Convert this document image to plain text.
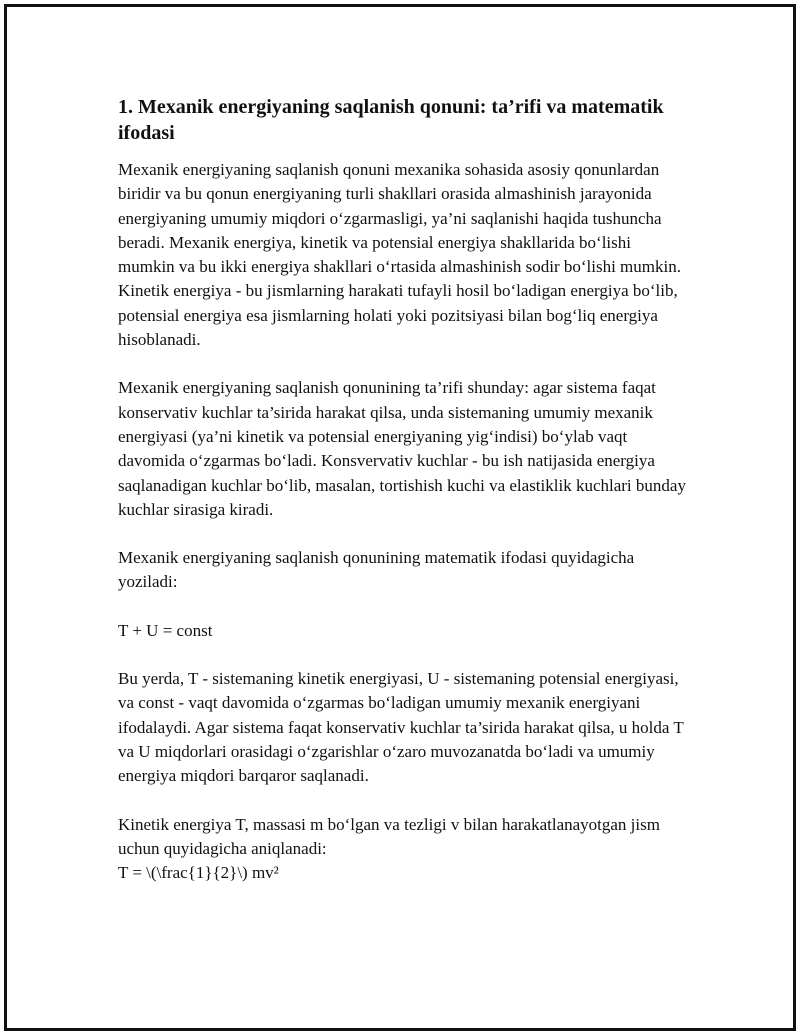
1. Mexanik energiyaning saqlanish qonuni: ta’rifi va matematik ifodasi

Mexanik energiyaning saqlanish qonuni mexanika sohasida asosiy qonunlardan biridir va bu qonun energiyaning turli shakllari orasida almashinish jarayonida energiyaning umumiy miqdori o‘zgarmasligi, ya’ni saqlanishi haqida tushuncha beradi. Mexanik energiya, kinetik va potensial energiya shakllarida bo‘lishi mumkin va bu ikki energiya shakllari o‘rtasida almashinish sodir bo‘lishi mumkin. Kinetik energiya - bu jismlarning harakati tufayli hosil bo‘ladigan energiya bo‘lib, potensial energiya esa jismlarning holati yoki pozitsiyasi bilan bog‘liq energiya hisoblanadi.

Mexanik energiyaning saqlanish qonunining ta’rifi shunday: agar sistema faqat konservativ kuchlar ta’sirida harakat qilsa, unda sistemaning umumiy mexanik energiyasi (ya’ni kinetik va potensial energiyaning yig‘indisi) bo‘ylab vaqt davomida o‘zgarmas bo‘ladi. Konsvervativ kuchlar - bu ish natijasida energiya saqlanadigan kuchlar bo‘lib, masalan, tortishish kuchi va elastiklik kuchlari bunday kuchlar sirasiga kiradi.

Mexanik energiyaning saqlanish qonunining matematik ifodasi quyidagicha yoziladi:

T + U = const

Bu yerda, T - sistemaning kinetik energiyasi, U - sistemaning potensial energiyasi, va const - vaqt davomida o‘zgarmas bo‘ladigan umumiy mexanik energiyani ifodalaydi. Agar sistema faqat konservativ kuchlar ta’sirida harakat qilsa, u holda T va U miqdorlari orasidagi o‘zgarishlar o‘zaro muvozanatda bo‘ladi va umumiy energiya miqdori barqaror saqlanadi.

Kinetik energiya T, massasi m bo‘lgan va tezligi v bilan harakatlanayotgan jism uchun quyidagicha aniqlanadi:

T = \(\frac{1}{2}\) mv²
